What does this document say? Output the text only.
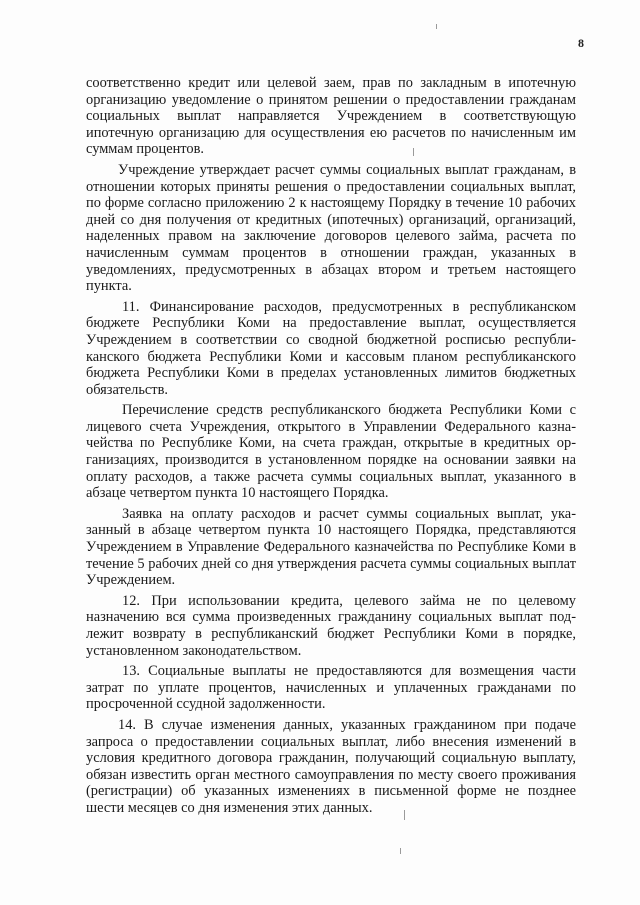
8

соответственно кредит или целевой заем, прав по закладным в ипотечную организацию уведомление о принятом решении о предоставлении гражданам социальных выплат направляется Учреждением в соответствующую ипотечную организацию для осуществления ею расчетов по начисленным им суммам процентов.

Учреждение утверждает расчет суммы социальных выплат гражданам, в отношении которых приняты решения о предоставлении социальных выплат, по форме согласно приложению 2 к настоящему Порядку в течение 10 рабочих дней со дня получения от кредитных (ипотечных) организаций, организаций, наделенных правом на заключение договоров целевого займа, расчета по начисленным суммам процентов в отношении граждан, указанных в уведомлениях, предусмотренных в абзацах втором и третьем настоящего пункта.

11. Финансирование расходов, предусмотренных в республиканском бюджете Республики Коми на предоставление выплат, осуществляется Учреждением в соответствии со сводной бюджетной росписью республиканского бюджета Республики Коми и кассовым планом республиканского бюджета Республики Коми в пределах установленных лимитов бюджетных обязательств.

Перечисление средств республиканского бюджета Республики Коми с лицевого счета Учреждения, открытого в Управлении Федерального казначейства по Республике Коми, на счета граждан, открытые в кредитных организациях, производится в установленном порядке на основании заявки на оплату расходов, а также расчета суммы социальных выплат, указанного в абзаце четвертом пункта 10 настоящего Порядка.

Заявка на оплату расходов и расчет суммы социальных выплат, указанный в абзаце четвертом пункта 10 настоящего Порядка, представляются Учреждением в Управление Федерального казначейства по Республике Коми в течение 5 рабочих дней со дня утверждения расчета суммы социальных выплат Учреждением.

12. При использовании кредита, целевого займа не по целевому назначению вся сумма произведенных гражданину социальных выплат подлежит возврату в республиканский бюджет Республики Коми в порядке, установленном законодательством.

13. Социальные выплаты не предоставляются для возмещения части затрат по уплате процентов, начисленных и уплаченных гражданами по просроченной ссудной задолженности.

14. В случае изменения данных, указанных гражданином при подаче запроса о предоставлении социальных выплат, либо внесения изменений в условия кредитного договора гражданин, получающий социальную выплату, обязан известить орган местного самоуправления по месту своего проживания (регистрации) об указанных изменениях в письменной форме не позднее шести месяцев со дня изменения этих данных.
